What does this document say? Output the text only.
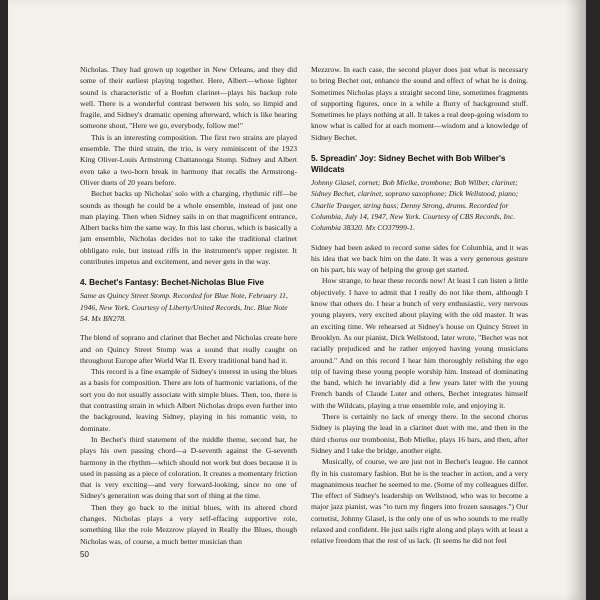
Nicholas. They had grown up together in New Orleans, and they did some of their earliest playing together. Here, Albert—whose lighter sound is characteristic of a Boehm clarinet—plays his backup role well. There is a wonderful contrast between his solo, so limpid and fragile, and Sidney's dramatic opening afterward, which is like hearing someone shout, "Here we go, everybody, follow me!"

This is an interesting composition. The first two strains are played ensemble. The third strain, the trio, is very reminiscent of the 1923 King Oliver-Louis Armstrong Chattanooga Stomp. Sidney and Albert even take a two-horn break in harmony that recalls the Armstrong-Oliver duets of 20 years before.

Bechet backs up Nicholas' solo with a charging, rhythmic riff—he sounds as though he could be a whole ensemble, instead of just one man playing. Then when Sidney sails in on that magnificent entrance, Albert backs him the same way. In this last chorus, which is basically a jam ensemble, Nicholas decides not to take the traditional clarinet obbligato role, but instead riffs in the instrument's upper register. It contributes impetus and excitement, and never gets in the way.

4. Bechet's Fantasy: Bechet-Nicholas Blue Five

Same as Quincy Street Stomp. Recorded for Blue Note, February 11, 1946, New York. Courtesy of Liberty/United Records, Inc. Blue Note 54. Mx BN278.

The blend of soprano and clarinet that Bechet and Nicholas create here and on Quincy Street Stomp was a sound that really caught on throughout Europe after World War II. Every traditional band had it.

This record is a fine example of Sidney's interest in using the blues as a basis for composition. There are lots of harmonic variations, of the sort you do not usually associate with simple blues. Then, too, there is that contrasting strain in which Albert Nicholas drops even further into the background, leaving Sidney, playing in his romantic vein, to dominate.

In Bechet's third statement of the middle theme, second bar, he plays his own passing chord—a D-seventh against the G-seventh harmony in the rhythm—which should not work but does because it is used in passing as a piece of coloration. It creates a momentary friction that is very exciting—and very forward-looking, since no one of Sidney's generation was doing that sort of thing at the time.

Then they go back to the initial blues, with its altered chord changes. Nicholas plays a very self-effacing supportive role, something like the role Mezzrow played in Really the Blues, though Nicholas was, of course, a much better musician than

Mezzrow. In each case, the second player does just what is necessary to bring Bechet out, enhance the sound and effect of what he is doing. Sometimes Nicholas plays a straight second line, sometimes fragments of supporting figures, once in a while a flurry of background stuff. Sometimes he plays nothing at all. It takes a real deep-going wisdom to know what is called for at each moment—wisdom and a knowledge of Sidney Bechet.

5. Spreadin' Joy: Sidney Bechet with Bob Wilber's Wildcats

Johnny Glasel, cornet; Bob Mielke, trombone; Bob Wilber, clarinet; Sidney Bechet, clarinet, soprano saxophone; Dick Wellstood, piano; Charlie Traeger, string bass; Denny Strong, drums. Recorded for Columbia, July 14, 1947, New York. Courtesy of CBS Records, Inc. Columbia 38320. Mx CO37999-1.

Sidney had been asked to record some sides for Columbia, and it was his idea that we back him on the date. It was a very generous gesture on his part, his way of helping the group get started.

How strange, to hear these records now! At least I can listen a little objectively. I have to admit that I really do not like them, although I know that others do. I hear a bunch of very enthusiastic, very nervous young players, very excited about playing with the old master. It was an exciting time. We rehearsed at Sidney's house on Quincy Street in Brooklyn. As our pianist, Dick Wellstood, later wrote, "Bechet was not racially prejudiced and he rather enjoyed having young musicians around." And on this record I hear him thoroughly relishing the ego trip of having these young people worship him. Instead of dominating the band, which he invariably did a few years later with the young French bands of Claude Luter and others, Bechet integrates himself with the Wildcats, playing a true ensemble role, and enjoying it.

There is certainly no lack of energy there. In the second chorus Sidney is playing the lead in a clarinet duet with me, and then in the third chorus our trombonist, Bob Mielke, plays 16 bars, and then, after Sidney and I take the bridge, another eight.

Musically, of course, we are just not in Bechet's league. He cannot fly in his customary fashion. But he is the teacher in action, and a very magnanimous teacher he seemed to me. (Some of my colleagues differ. The effect of Sidney's leadership on Wellstood, who was to become a major jazz pianist, was "to turn my fingers into frozen sausages.") Our cornetist, Johnny Glasel, is the only one of us who sounds to me really relaxed and confident. He just sails right along and plays with at least a relative freedom that the rest of us lack. (It seems he did not feel

50
